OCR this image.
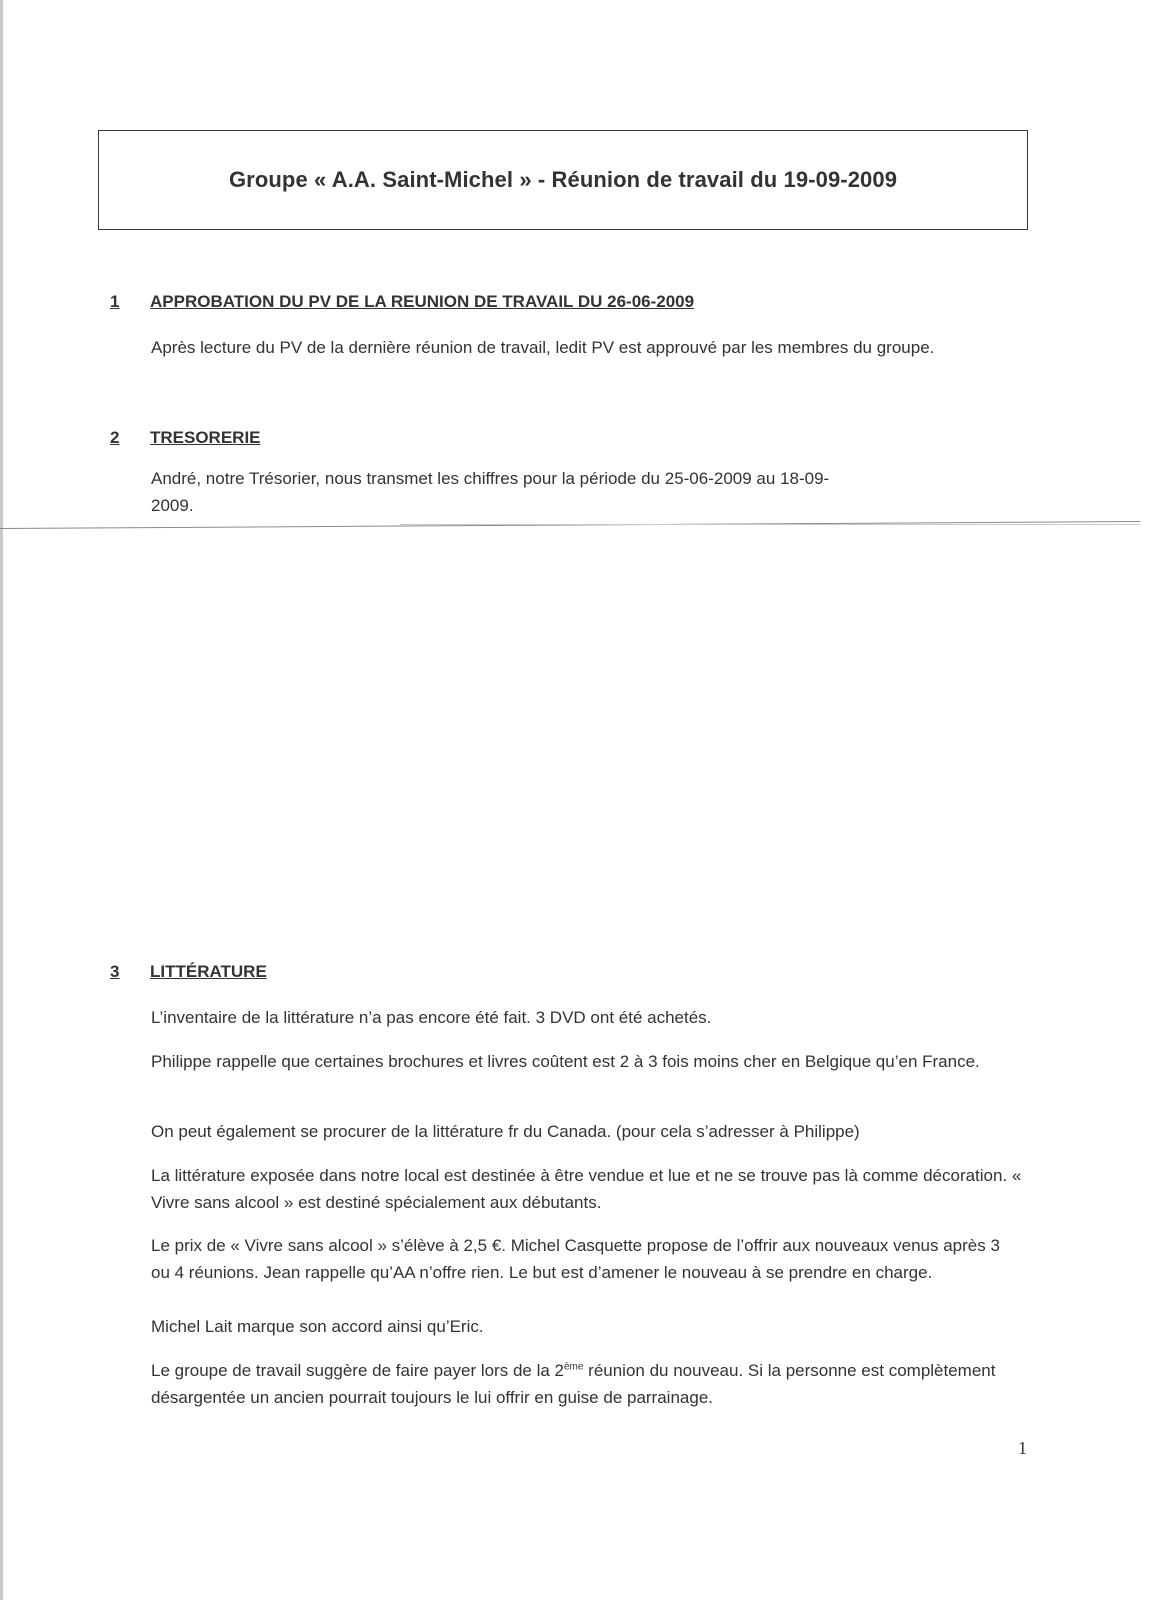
Groupe « A.A. Saint-Michel » - Réunion de travail du 19-09-2009
1 APPROBATION DU PV DE LA REUNION DE TRAVAIL DU 26-06-2009
Après lecture du PV de la dernière réunion de travail, ledit PV est approuvé par les membres du groupe.
2 TRESORERIE
André, notre Trésorier, nous transmet les chiffres pour la période du 25-06-2009 au 18-09-2009.
3 LITTÉRATURE
L’inventaire de la littérature n’a pas encore été fait. 3 DVD ont été achetés.
Philippe rappelle que certaines brochures et livres coûtent est 2 à 3 fois moins cher en Belgique qu’en France.
On peut également se procurer de la littérature fr du Canada. (pour cela s’adresser à Philippe)
La littérature exposée dans notre local est destinée à être vendue et lue et ne se trouve pas là comme décoration. « Vivre sans alcool » est destiné spécialement aux débutants.
Le prix de « Vivre sans alcool » s’élève à 2,5 €. Michel Casquette propose de l’offrir aux nouveaux venus après 3 ou 4 réunions. Jean rappelle qu’AA n’offre rien. Le but est d’amener le nouveau à se prendre en charge.
Michel Lait marque son accord ainsi qu’Eric.
Le groupe de travail suggère de faire payer lors de la 2ème réunion du nouveau. Si la personne est complètement désargentée un ancien pourrait toujours le lui offrir en guise de parrainage.
1
